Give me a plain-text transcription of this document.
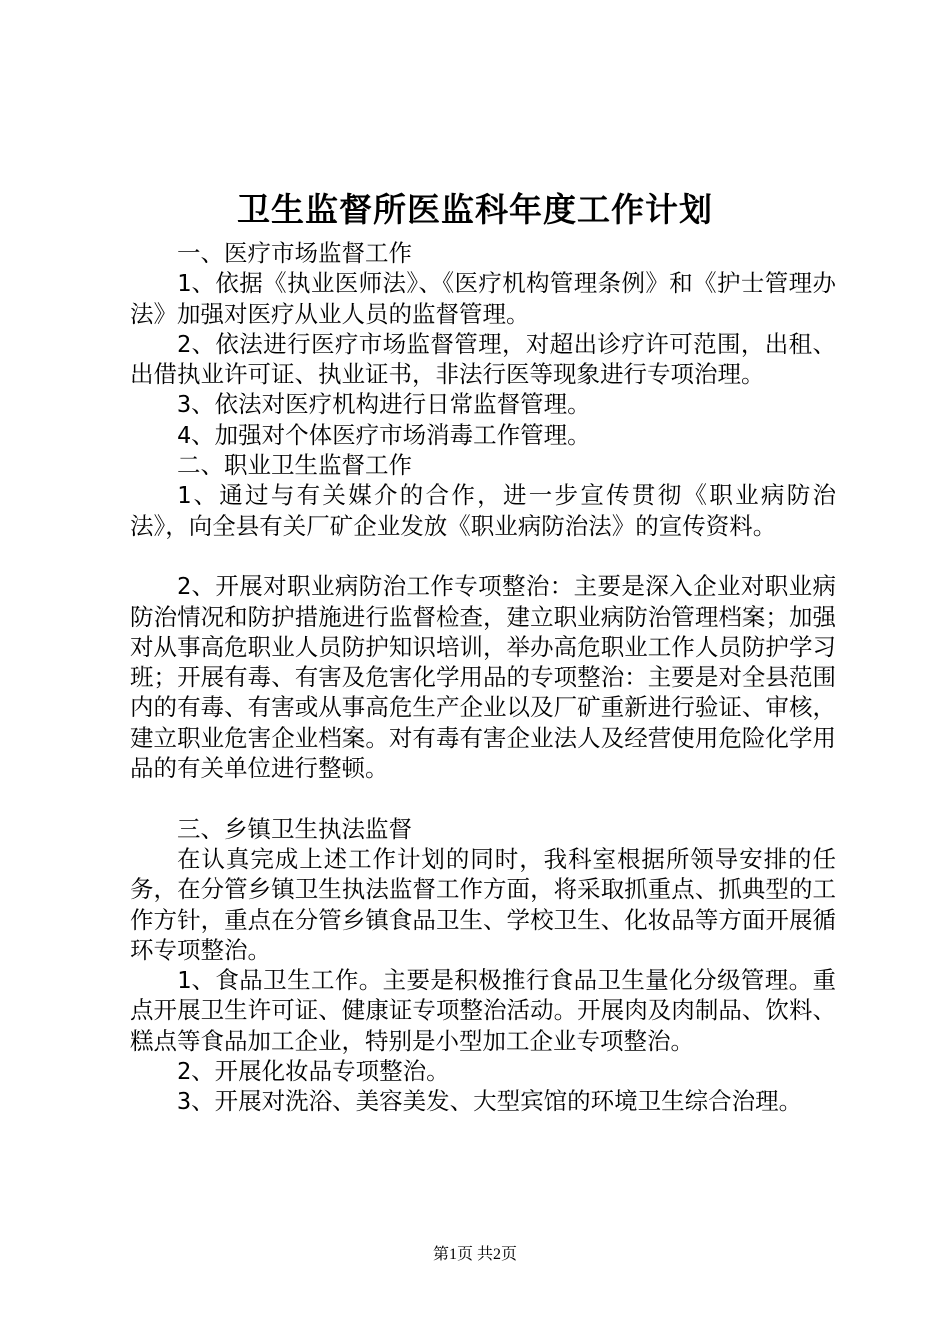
卫生监督所医监科年度工作计划

一、医疗市场监督工作

1、依据《执业医师法》、《医疗机构管理条例》和《护士管理办法》加强对医疗从业人员的监督管理。

2、依法进行医疗市场监督管理，对超出诊疗许可范围，出租、出借执业许可证、执业证书，非法行医等现象进行专项治理。

3、依法对医疗机构进行日常监督管理。

4、加强对个体医疗市场消毒工作管理。

二、职业卫生监督工作

1、通过与有关媒介的合作，进一步宣传贯彻《职业病防治法》，向全县有关厂矿企业发放《职业病防治法》的宣传资料。

2、开展对职业病防治工作专项整治：主要是深入企业对职业病防治情况和防护措施进行监督检查，建立职业病防治管理档案；加强对从事高危职业人员防护知识培训，举办高危职业工作人员防护学习班；开展有毒、有害及危害化学用品的专项整治：主要是对全县范围内的有毒、有害或从事高危生产企业以及厂矿重新进行验证、审核，建立职业危害企业档案。对有毒有害企业法人及经营使用危险化学用品的有关单位进行整顿。

三、乡镇卫生执法监督

在认真完成上述工作计划的同时，我科室根据所领导安排的任务，在分管乡镇卫生执法监督工作方面，将采取抓重点、抓典型的工作方针，重点在分管乡镇食品卫生、学校卫生、化妆品等方面开展循环专项整治。

1、食品卫生工作。主要是积极推行食品卫生量化分级管理。重点开展卫生许可证、健康证专项整治活动。开展肉及肉制品、饮料、糕点等食品加工企业，特别是小型加工企业专项整治。

2、开展化妆品专项整治。

3、开展对洗浴、美容美发、大型宾馆的环境卫生综合治理。

第1页 共2页
